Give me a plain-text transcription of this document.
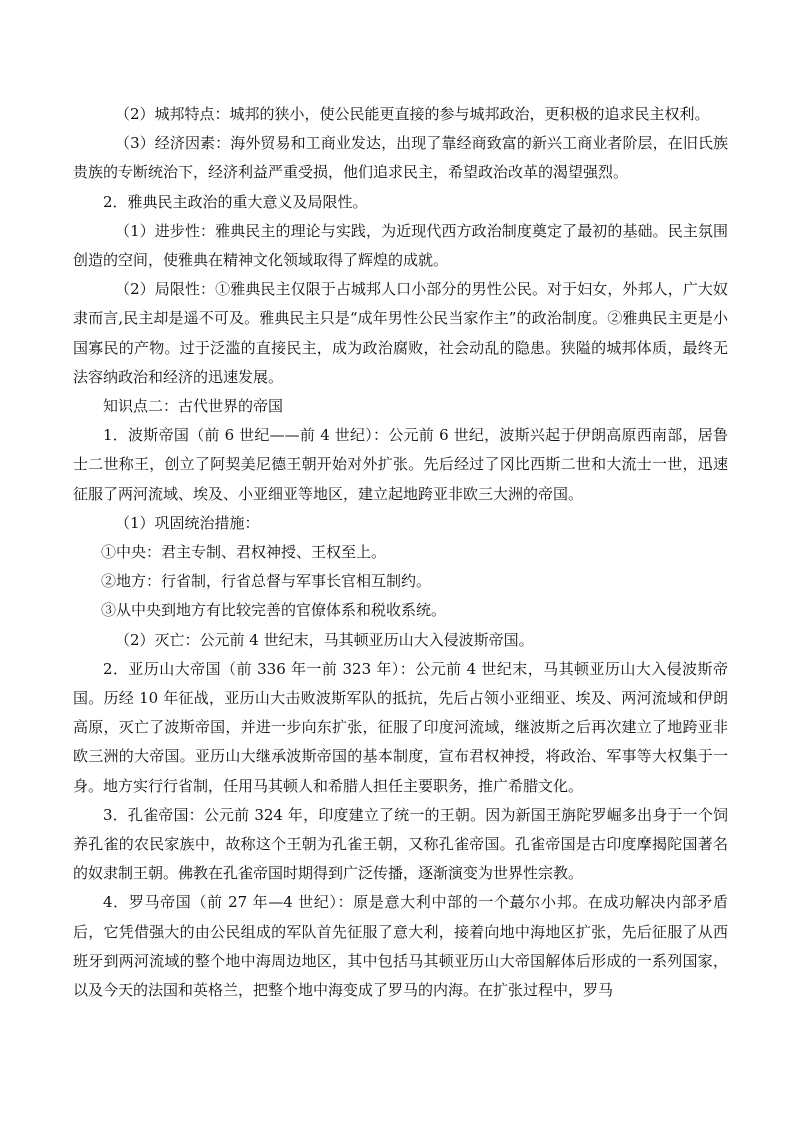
（2）城邦特点：城邦的狭小，使公民能更直接的参与城邦政治，更积极的追求民主权利。

（3）经济因素：海外贸易和工商业发达，出现了靠经商致富的新兴工商业者阶层，在旧氏族贵族的专断统治下，经济利益严重受损，他们追求民主，希望政治改革的渴望强烈。

2．雅典民主政治的重大意义及局限性。

（1）进步性：雅典民主的理论与实践，为近现代西方政治制度奠定了最初的基础。民主氛围创造的空间，使雅典在精神文化领域取得了辉煌的成就。

（2）局限性：①雅典民主仅限于占城邦人口小部分的男性公民。对于妇女，外邦人，广大奴隶而言,民主却是遥不可及。雅典民主只是“成年男性公民当家作主”的政治制度。②雅典民主更是小国寡民的产物。过于泛滥的直接民主，成为政治腐败，社会动乱的隐患。狭隘的城邦体质，最终无法容纳政治和经济的迅速发展。

知识点二：古代世界的帝国

1．波斯帝国（前 6 世纪——前 4 世纪）：公元前 6 世纪，波斯兴起于伊朗高原西南部，居鲁士二世称王，创立了阿契美尼德王朝开始对外扩张。先后经过了冈比西斯二世和大流士一世，迅速征服了两河流域、埃及、小亚细亚等地区，建立起地跨亚非欧三大洲的帝国。

（1）巩固统治措施：

①中央：君主专制、君权神授、王权至上。

②地方：行省制，行省总督与军事长官相互制约。

③从中央到地方有比较完善的官僚体系和税收系统。

（2）灭亡：公元前 4 世纪末，马其顿亚历山大入侵波斯帝国。

2．亚历山大帝国（前 336 年一前 323 年）：公元前 4 世纪末，马其顿亚历山大入侵波斯帝国。历经 10 年征战，亚历山大击败波斯军队的抵抗，先后占领小亚细亚、埃及、两河流域和伊朗高原，灭亡了波斯帝国，并进一步向东扩张，征服了印度河流域，继波斯之后再次建立了地跨亚非欧三洲的大帝国。亚历山大继承波斯帝国的基本制度，宣布君权神授，将政治、军事等大权集于一身。地方实行行省制，任用马其顿人和希腊人担任主要职务，推广希腊文化。

3．孔雀帝国：公元前 324 年，印度建立了统一的王朝。因为新国王旃陀罗崛多出身于一个饲养孔雀的农民家族中，故称这个王朝为孔雀王朝，又称孔雀帝国。孔雀帝国是古印度摩揭陀国著名的奴隶制王朝。佛教在孔雀帝国时期得到广泛传播，逐渐演变为世界性宗教。

4．罗马帝国（前 27 年—4 世纪）：原是意大利中部的一个蕞尔小邦。在成功解决内部矛盾后，它凭借强大的由公民组成的军队首先征服了意大利，接着向地中海地区扩张，先后征服了从西班牙到两河流域的整个地中海周边地区，其中包括马其顿亚历山大帝国解体后形成的一系列国家，以及今天的法国和英格兰，把整个地中海变成了罗马的内海。在扩张过程中，罗马
